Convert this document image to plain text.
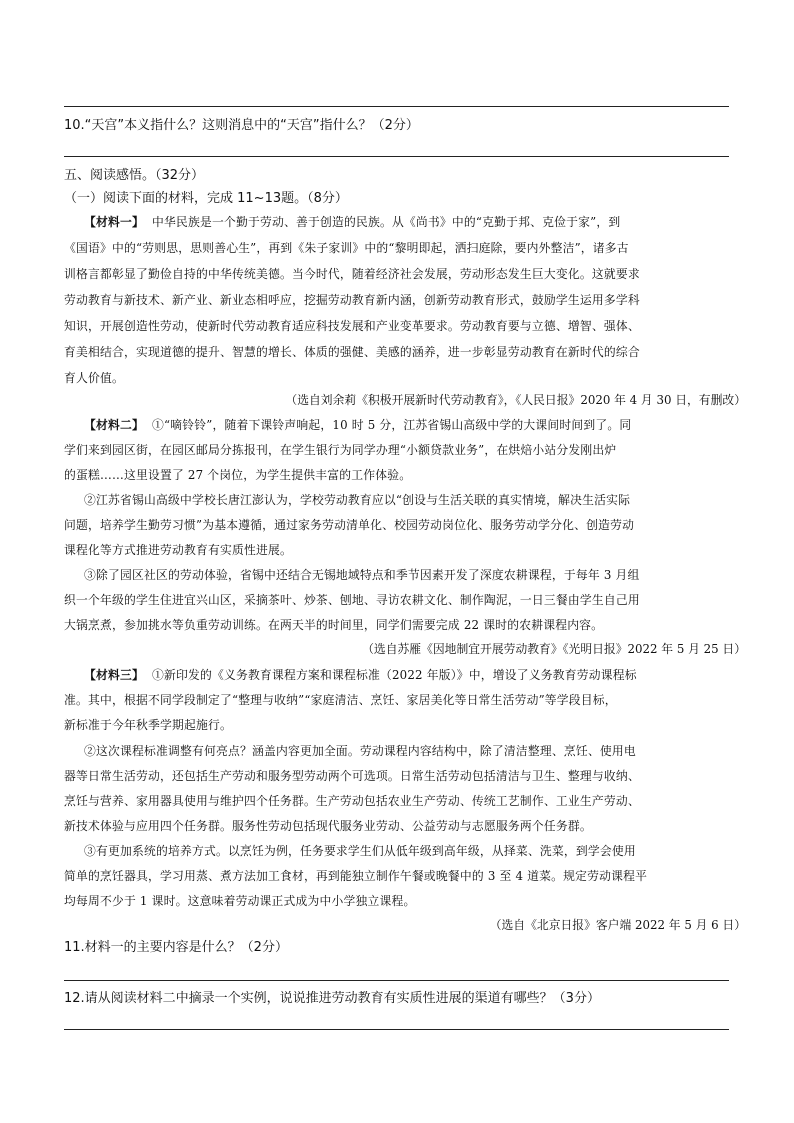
10.“天宫”本义指什么？这则消息中的“天宫”指什么？（2分）
五、阅读感悟。（32分）
（一）阅读下面的材料，完成 11~13题。（8分）
【材料一】 中华民族是一个勤于劳动、善于创造的民族。从《尚书》中的“克勤于邦、克俭于家”，到
《国语》中的“劳则思，思则善心生”，再到《朱子家训》中的“黎明即起，洒扫庭除，要内外整洁”，诸多古
训格言都彰显了勤俭自持的中华传统美德。当今时代，随着经济社会发展，劳动形态发生巨大变化。这就要求
劳动教育与新技术、新产业、新业态相呼应，挖掘劳动教育新内涵，创新劳动教育形式，鼓励学生运用多学科
知识，开展创造性劳动，使新时代劳动教育适应科技发展和产业变革要求。劳动教育要与立德、增智、强体、
育美相结合，实现道德的提升、智慧的增长、体质的强健、美感的涵养，进一步彰显劳动教育在新时代的综合
育人价值。
（选自刘余莉《积极开展新时代劳动教育》，《人民日报》2020 年 4 月 30 日，有删改）
【材料二】 ①“嘀铃铃”，随着下课铃声响起，10 时 5 分，江苏省锡山高级中学的大课间时间到了。同
学们来到园区街，在园区邮局分拣报刊，在学生银行为同学办理“小额贷款业务”，在烘焙小站分发刚出炉
的蛋糕……这里设置了 27 个岗位，为学生提供丰富的工作体验。
②江苏省锡山高级中学校长唐江澎认为，学校劳动教育应以“创设与生活关联的真实情境，解决生活实际
问题，培养学生勤劳习惯”为基本遵循，通过家务劳动清单化、校园劳动岗位化、服务劳动学分化、创造劳动
课程化等方式推进劳动教育有实质性进展。
③除了园区社区的劳动体验，省锡中还结合无锡地域特点和季节因素开发了深度农耕课程，于每年 3 月组
织一个年级的学生住进宜兴山区，采摘茶叶、炒茶、刨地、寻访农耕文化、制作陶泥，一日三餐由学生自己用
大锅烹煮，参加挑水等负重劳动训练。在两天半的时间里，同学们需要完成 22 课时的农耕课程内容。
（选自苏雁《因地制宜开展劳动教育》《光明日报》2022 年 5 月 25 日）
【材料三】 ①新印发的《义务教育课程方案和课程标准（2022 年版）》中，增设了义务教育劳动课程标
准。其中，根据不同学段制定了“整理与收纳”“家庭清洁、烹饪、家居美化等日常生活劳动”等学段目标，
新标准于今年秋季学期起施行。
②这次课程标准调整有何亮点？涵盖内容更加全面。劳动课程内容结构中，除了清洁整理、烹饪、使用电
器等日常生活劳动，还包括生产劳动和服务型劳动两个可选项。日常生活劳动包括清洁与卫生、整理与收纳、
烹饪与营养、家用器具使用与维护四个任务群。生产劳动包括农业生产劳动、传统工艺制作、工业生产劳动、
新技术体验与应用四个任务群。服务性劳动包括现代服务业劳动、公益劳动与志愿服务两个任务群。
③有更加系统的培养方式。以烹饪为例，任务要求学生们从低年级到高年级，从择菜、洗菜，到学会使用
简单的烹饪器具，学习用蒸、煮方法加工食材，再到能独立制作午餐或晚餐中的 3 至 4 道菜。规定劳动课程平
均每周不少于 1 课时。这意味着劳动课正式成为中小学独立课程。
（选自《北京日报》客户端 2022 年 5 月 6 日）
11.材料一的主要内容是什么？（2分）
12.请从阅读材料二中摘录一个实例，说说推进劳动教育有实质性进展的渠道有哪些？（3分）
